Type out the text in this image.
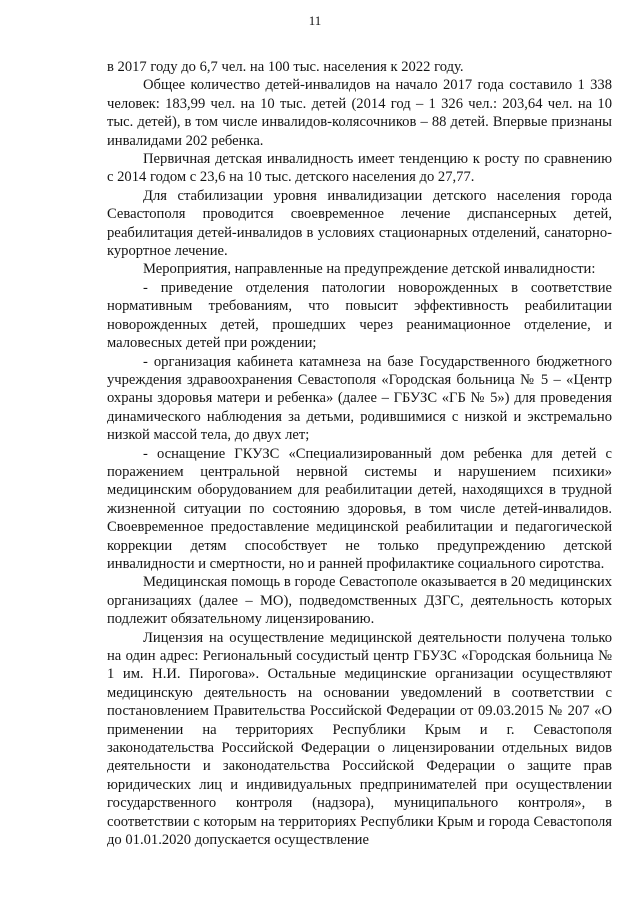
11

в 2017 году до 6,7 чел. на 100 тыс. населения к 2022 году.

Общее количество детей-инвалидов на начало 2017 года составило 1 338 человек: 183,99 чел. на 10 тыс. детей (2014 год – 1 326 чел.: 203,64 чел. на 10 тыс. детей), в том числе инвалидов-колясочников – 88 детей. Впервые признаны инвалидами 202 ребенка.

Первичная детская инвалидность имеет тенденцию к росту по сравнению с 2014 годом с 23,6 на 10 тыс. детского населения до 27,77.

Для стабилизации уровня инвалидизации детского населения города Севастополя проводится своевременное лечение диспансерных детей, реабилитация детей-инвалидов в условиях стационарных отделений, санаторно-курортное лечение.

Мероприятия, направленные на предупреждение детской инвалидности:

- приведение отделения патологии новорожденных в соответствие нормативным требованиям, что повысит эффективность реабилитации новорожденных детей, прошедших через реанимационное отделение, и маловесных детей при рождении;

- организация кабинета катамнеза на базе Государственного бюджетного учреждения здравоохранения Севастополя «Городская больница № 5 – «Центр охраны здоровья матери и ребенка» (далее – ГБУЗС «ГБ № 5») для проведения динамического наблюдения за детьми, родившимися с низкой и экстремально низкой массой тела, до двух лет;

- оснащение ГКУЗС «Специализированный дом ребенка для детей с поражением центральной нервной системы и нарушением психики» медицинским оборудованием для реабилитации детей, находящихся в трудной жизненной ситуации по состоянию здоровья, в том числе детей-инвалидов. Своевременное предоставление медицинской реабилитации и педагогической коррекции детям способствует не только предупреждению детской инвалидности и смертности, но и ранней профилактике социального сиротства.

Медицинская помощь в городе Севастополе оказывается в 20 медицинских организациях (далее – МО), подведомственных ДЗГС, деятельность которых подлежит обязательному лицензированию.

Лицензия на осуществление медицинской деятельности получена только на один адрес: Региональный сосудистый центр ГБУЗС «Городская больница № 1 им. Н.И. Пирогова». Остальные медицинские организации осуществляют медицинскую деятельность на основании уведомлений в соответствии с постановлением Правительства Российской Федерации от 09.03.2015 № 207 «О применении на территориях Республики Крым и г. Севастополя законодательства Российской Федерации о лицензировании отдельных видов деятельности и законодательства Российской Федерации о защите прав юридических лиц и индивидуальных предпринимателей при осуществлении государственного контроля (надзора), муниципального контроля», в соответствии с которым на территориях Республики Крым и города Севастополя до 01.01.2020 допускается осуществление
